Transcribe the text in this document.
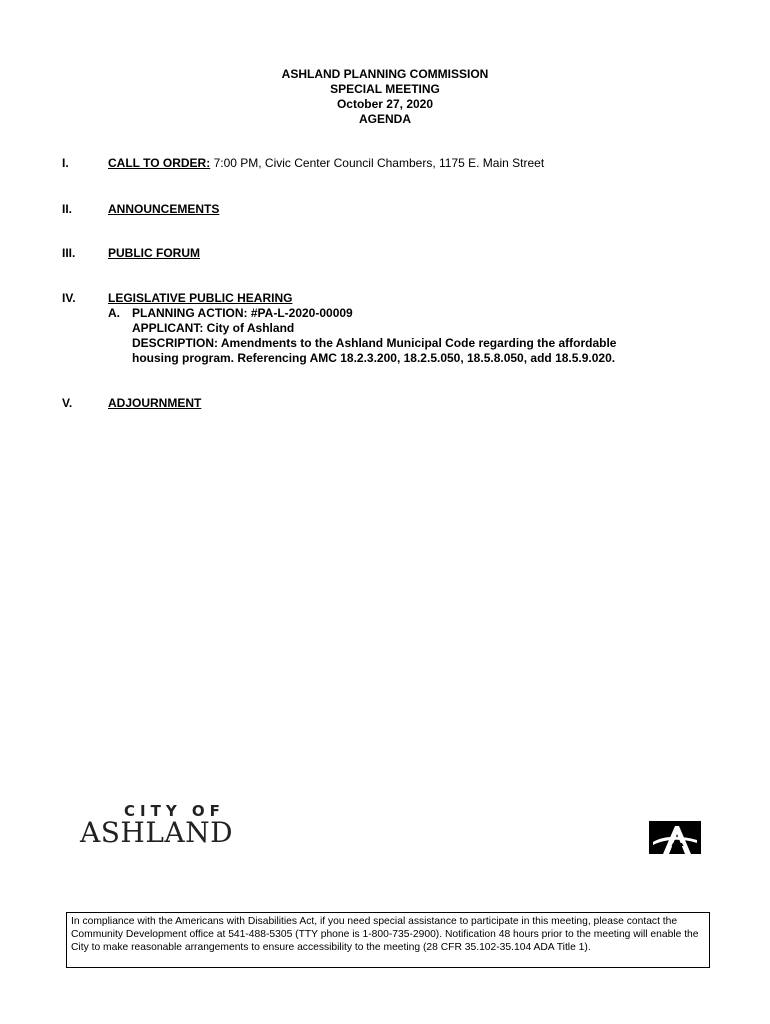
ASHLAND PLANNING COMMISSION
SPECIAL MEETING
October 27, 2020
AGENDA
I.	CALL TO ORDER: 7:00 PM, Civic Center Council Chambers, 1175 E. Main Street
II.	ANNOUNCEMENTS
III.	PUBLIC FORUM
IV.	LEGISLATIVE PUBLIC HEARING
A. PLANNING ACTION: #PA-L-2020-00009
APPLICANT: City of Ashland
DESCRIPTION: Amendments to the Ashland Municipal Code regarding the affordable
housing program. Referencing AMC 18.2.3.200, 18.2.5.050, 18.5.8.050, add 18.5.9.020.
V.	ADJOURNMENT
CITY OF
ASHLAND
In compliance with the Americans with Disabilities Act, if you need special assistance to participate in this meeting, please contact the Community Development office at 541-488-5305 (TTY phone is 1-800-735-2900). Notification 48 hours prior to the meeting will enable the City to make reasonable arrangements to ensure accessibility to the meeting (28 CFR 35.102-35.104 ADA Title 1).
